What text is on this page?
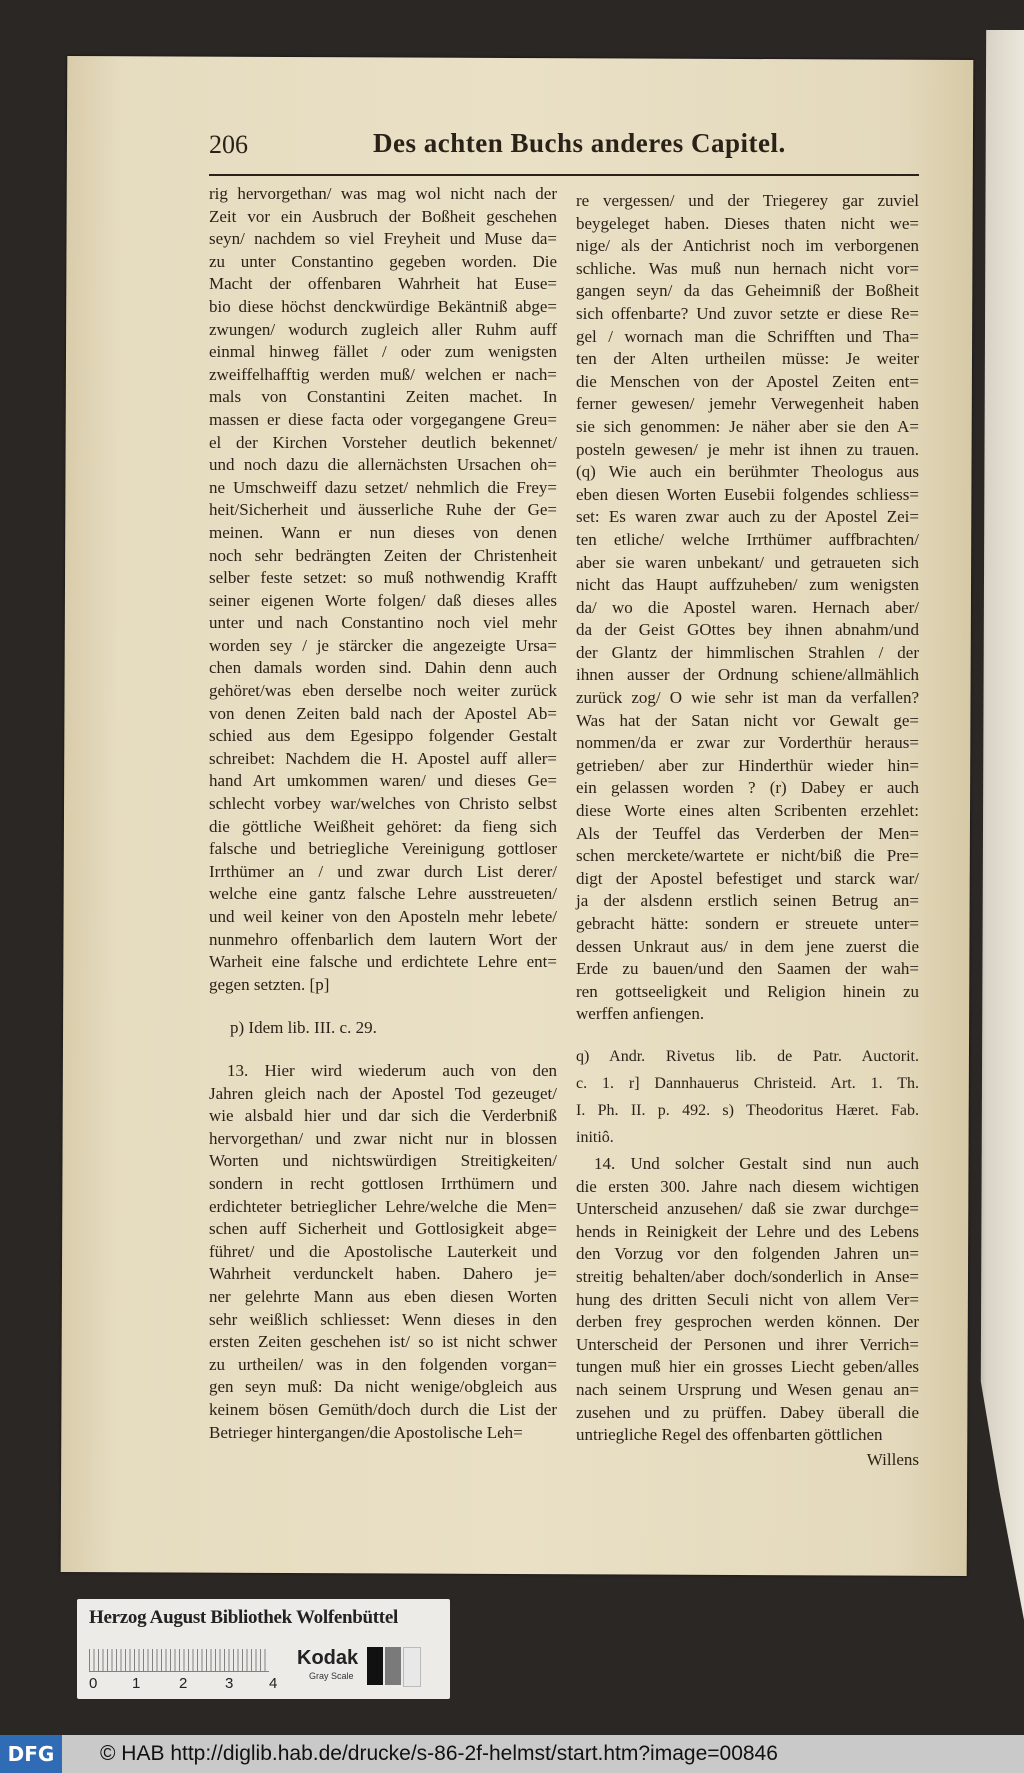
206	Des achten Buchs anderes Capitel.
rig hervorgethan/ was mag wol nicht nach der
Zeit vor ein Ausbruch der Boßheit geschehen
seyn/ nachdem so viel Freyheit und Muse da=
zu unter Constantino gegeben worden. Die
Macht der offenbaren Wahrheit hat Euse=
bio diese höchst denckwürdige Bekäntniß abge=
zwungen/ wodurch zugleich aller Ruhm auff
einmal hinweg fället / oder zum wenigsten
zweiffelhafftig werden muß/ welchen er nach=
mals von Constantini Zeiten machet. In
massen er diese facta oder vorgegangene Greu=
el der Kirchen Vorsteher deutlich bekennet/
und noch dazu die allernächsten Ursachen oh=
ne Umschweiff dazu setzet/ nehmlich die Frey=
heit/Sicherheit und äusserliche Ruhe der Ge=
meinen. Wann er nun dieses von denen
noch sehr bedrängten Zeiten der Christenheit
selber feste setzet: so muß nothwendig Krafft
seiner eigenen Worte folgen/ daß dieses alles
unter und nach Constantino noch viel mehr
worden sey / je stärcker die angezeigte Ursa=
chen damals worden sind. Dahin denn auch
gehöret/was eben derselbe noch weiter zurück
von denen Zeiten bald nach der Apostel Ab=
schied aus dem Egesippo folgender Gestalt
schreibet: Nachdem die H. Apostel auff aller=
hand Art umkommen waren/ und dieses Ge=
schlecht vorbey war/welches von Christo selbst
die göttliche Weißheit gehöret: da fieng sich
falsche und betriegliche Vereinigung gottloser
Irrthümer an / und zwar durch List derer/
welche eine gantz falsche Lehre ausstreueten/
und weil keiner von den Aposteln mehr lebete/
nunmehro offenbarlich dem lautern Wort der
Warheit eine falsche und erdichtete Lehre ent=
gegen setzten. [p]
p) Idem lib. III. c. 29.
13. Hier wird wiederum auch von den
Jahren gleich nach der Apostel Tod gezeuget/
wie alsbald hier und dar sich die Verderbniß
hervorgethan/ und zwar nicht nur in blossen
Worten und nichtswürdigen Streitigkeiten/
sondern in recht gottlosen Irrthümern und
erdichteter betrieglicher Lehre/welche die Men=
schen auff Sicherheit und Gottlosigkeit abge=
führet/ und die Apostolische Lauterkeit und
Wahrheit verdunckelt haben. Dahero je=
ner gelehrte Mann aus eben diesen Worten
sehr weißlich schliesset: Wenn dieses in den
ersten Zeiten geschehen ist/ so ist nicht schwer
zu urtheilen/ was in den folgenden vorgan=
gen seyn muß: Da nicht wenige/obgleich aus
keinem bösen Gemüth/doch durch die List der
Betrieger hintergangen/die Apostolische Leh=
re vergessen/ und der Triegerey gar zuviel
beygeleget haben. Dieses thaten nicht we=
nige/ als der Antichrist noch im verborgenen
schliche. Was muß nun hernach nicht vor=
gangen seyn/ da das Geheimniß der Boßheit
sich offenbarte? Und zuvor setzte er diese Re=
gel / wornach man die Schrifften und Tha=
ten der Alten urtheilen müsse: Je weiter
die Menschen von der Apostel Zeiten ent=
ferner gewesen/ jemehr Verwegenheit haben
sie sich genommen: Je näher aber sie den A=
posteln gewesen/ je mehr ist ihnen zu trauen.
(q) Wie auch ein berühmter Theologus aus
eben diesen Worten Eusebii folgendes schliess=
set: Es waren zwar auch zu der Apostel Zei=
ten etliche/ welche Irrthümer auffbrachten/
aber sie waren unbekant/ und getraueten sich
nicht das Haupt auffzuheben/ zum wenigsten
da/ wo die Apostel waren. Hernach aber/
da der Geist GOttes bey ihnen abnahm/und
der Glantz der himmlischen Strahlen / der
ihnen ausser der Ordnung schiene/allmählich
zurück zog/ O wie sehr ist man da verfallen?
Was hat der Satan nicht vor Gewalt ge=
nommen/da er zwar zur Vorderthür heraus=
getrieben/ aber zur Hinderthür wieder hin=
ein gelassen worden ? (r) Dabey er auch
diese Worte eines alten Scribenten erzehlet:
Als der Teuffel das Verderben der Men=
schen merckete/wartete er nicht/biß die Pre=
digt der Apostel befestiget und starck war/
ja der alsdenn erstlich seinen Betrug an=
gebracht hätte: sondern er streuete unter=
dessen Unkraut aus/ in dem jene zuerst die
Erde zu bauen/und den Saamen der wah=
ren gottseeligkeit und Religion hinein zu
werffen anfiengen.
q) Andr. Rivetus lib. de Patr. Auctorit.
c. 1. r] Dannhauerus Christeid. Art. 1. Th.
I. Ph. II. p. 492. s) Theodoritus Hæret. Fab.
initiô.
14. Und solcher Gestalt sind nun auch
die ersten 300. Jahre nach diesem wichtigen
Unterscheid anzusehen/ daß sie zwar durchge=
hends in Reinigkeit der Lehre und des Lebens
den Vorzug vor den folgenden Jahren un=
streitig behalten/aber doch/sonderlich in Anse=
hung des dritten Seculi nicht von allem Ver=
derben frey gesprochen werden können. Der
Unterscheid der Personen und ihrer Verrich=
tungen muß hier ein grosses Liecht geben/alles
nach seinem Ursprung und Wesen genau an=
zusehen und zu prüffen. Dabey überall die
untriegliche Regel des offenbarten göttlichen
Willens
Herzog August Bibliothek Wolfenbüttel
0 1	2	3 4
Kodak
Gray Scale
DFG	© HAB http://diglib.hab.de/drucke/s-86-2f-helmst/start.htm?image=00846
